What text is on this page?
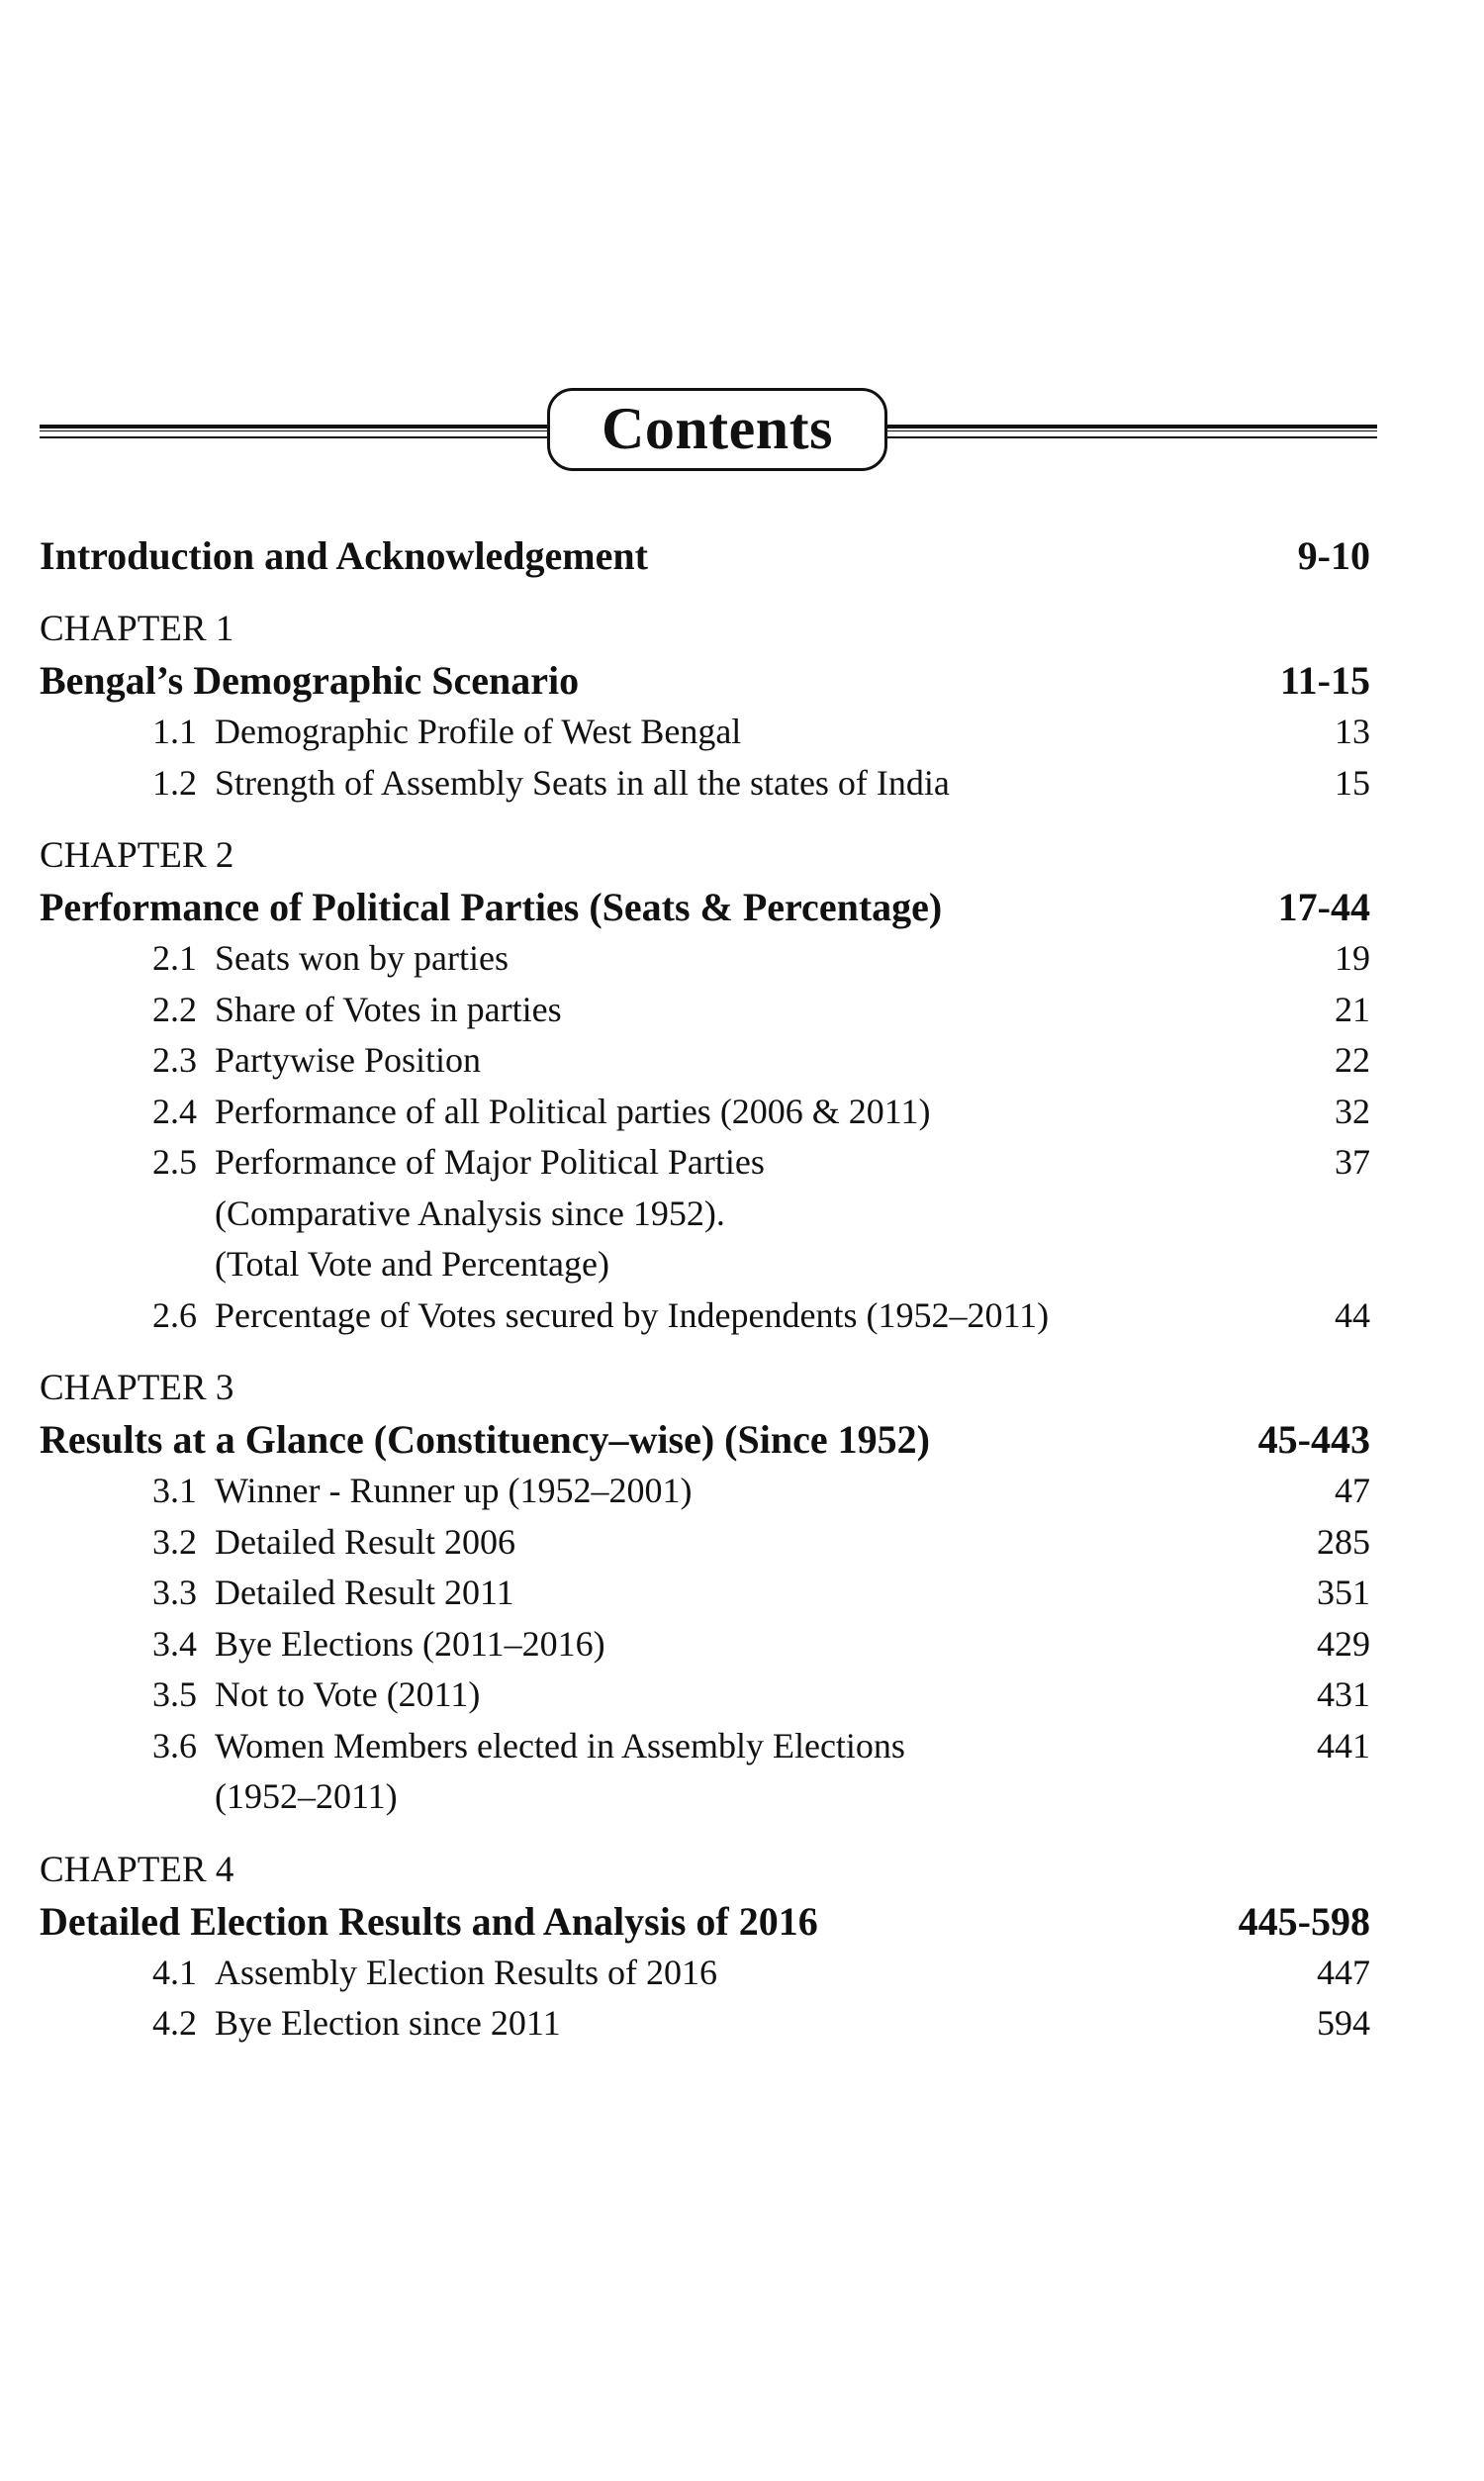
Contents
Introduction and Acknowledgement	9-10
CHAPTER 1
Bengal’s Demographic Scenario	11-15
1.1 Demographic Profile of West Bengal	13
1.2 Strength of Assembly Seats in all the states of India	15
CHAPTER 2
Performance of Political Parties (Seats & Percentage)	17-44
2.1 Seats won by parties	19
2.2 Share of Votes in parties	21
2.3 Partywise Position	22
2.4 Performance of all Political parties (2006 & 2011)	32
2.5 Performance of Major Political Parties	37
(Comparative Analysis since 1952).
(Total Vote and Percentage)
2.6 Percentage of Votes secured by Independents (1952–2011)	44
CHAPTER 3
Results at a Glance (Constituency–wise) (Since 1952)	45-443
3.1 Winner - Runner up (1952–2001)	47
3.2 Detailed Result 2006	285
3.3 Detailed Result 2011	351
3.4 Bye Elections (2011–2016)	429
3.5 Not to Vote (2011)	431
3.6 Women Members elected in Assembly Elections	441
(1952–2011)
CHAPTER 4
Detailed Election Results and Analysis of 2016	445-598
4.1 Assembly Election Results of 2016	447
4.2 Bye Election since 2011	594
